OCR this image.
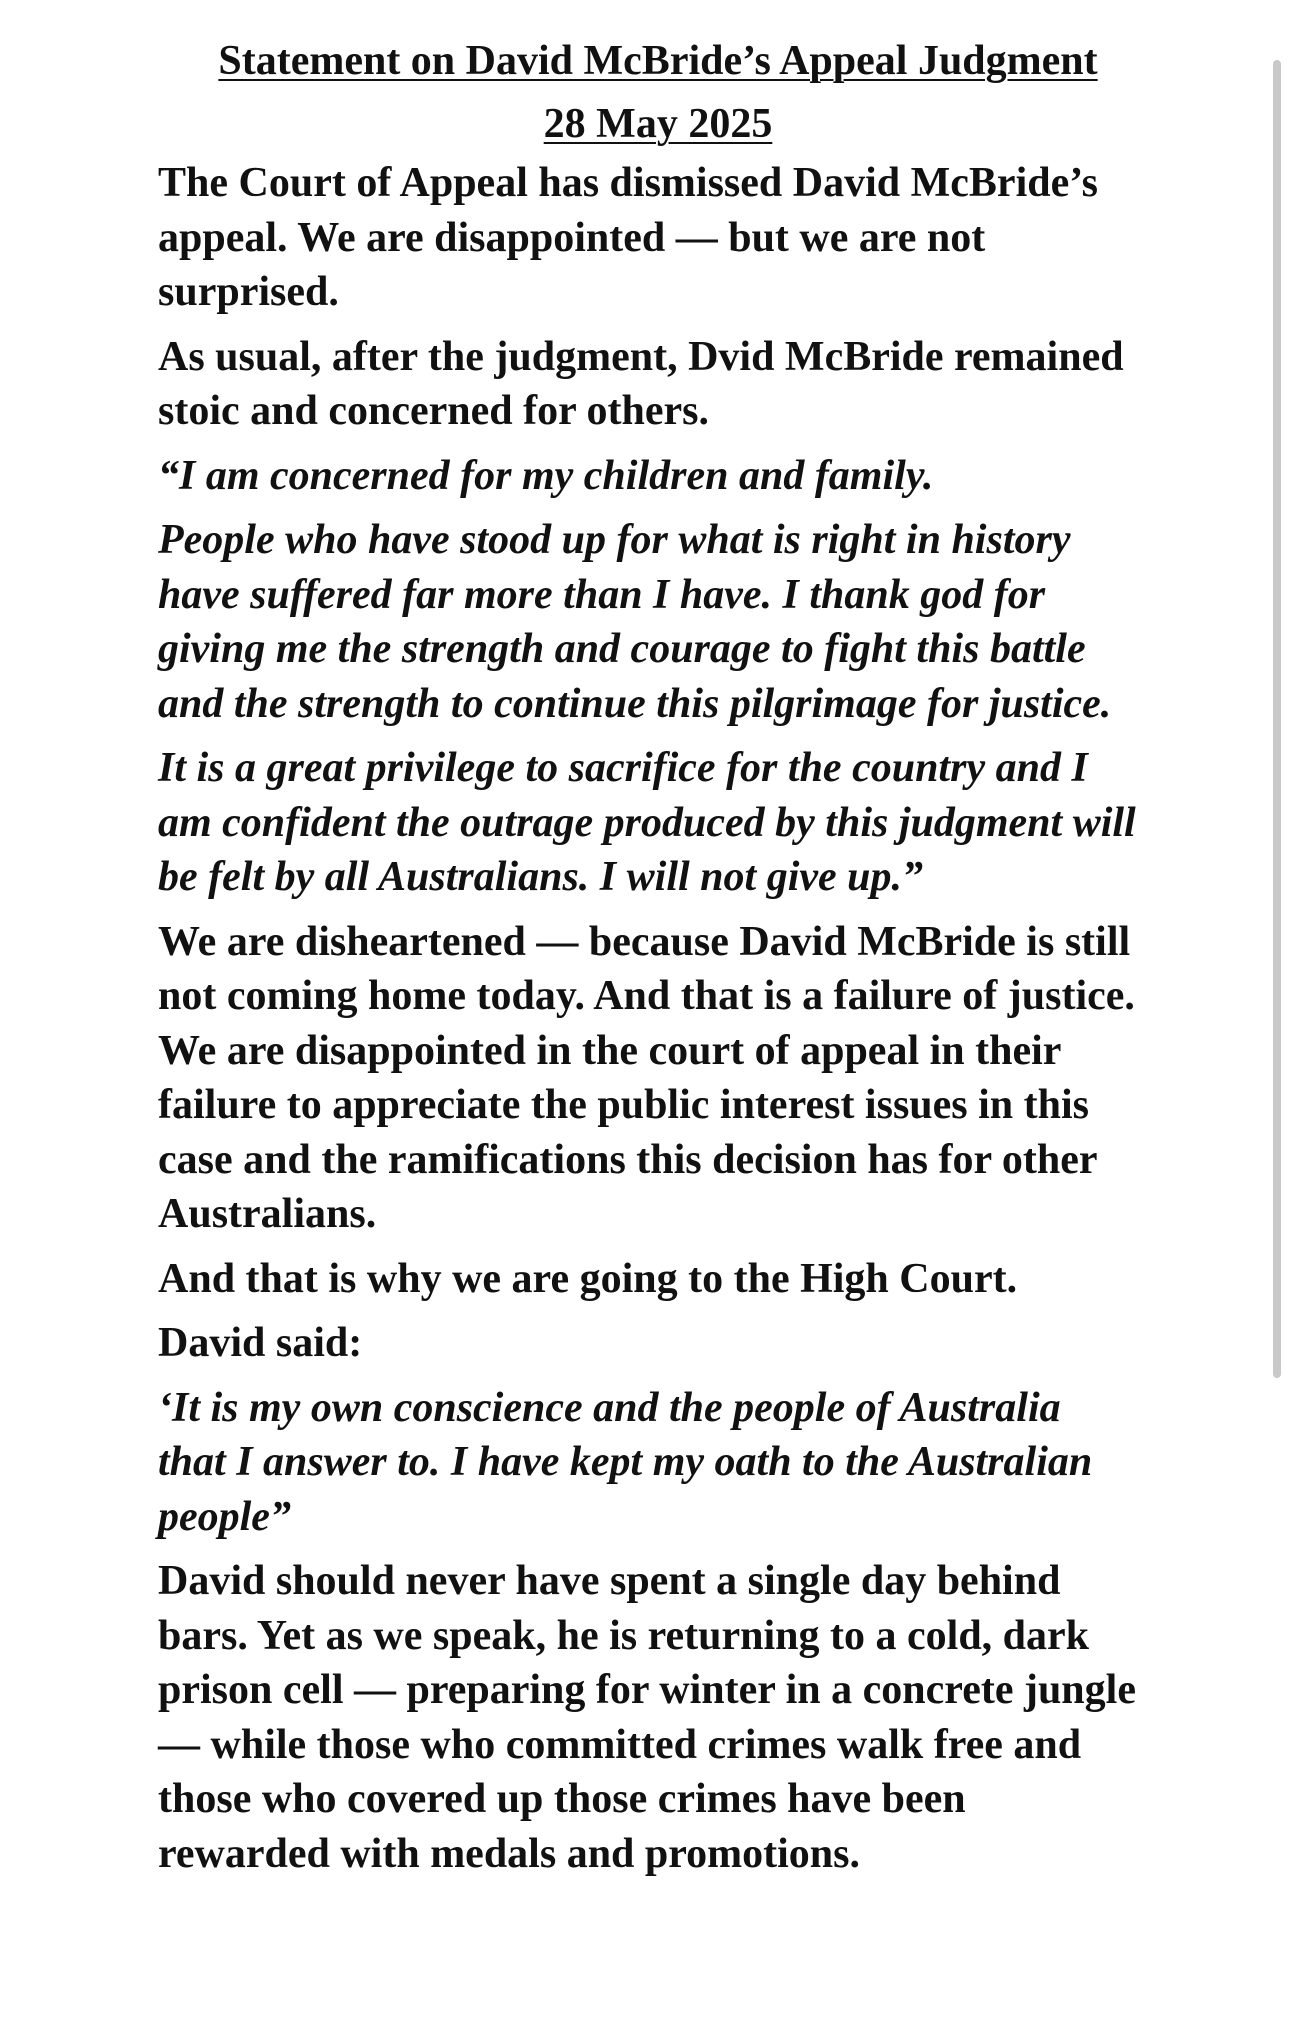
Statement on David McBride’s Appeal Judgment
28 May 2025

The Court of Appeal has dismissed David McBride’s appeal. We are disappointed — but we are not surprised.

As usual, after the judgment, Dvid McBride remained stoic and concerned for others.

“I am concerned for my children and family.

People who have stood up for what is right in history have suffered far more than I have. I thank god for giving me the strength and courage to fight this battle and the strength to continue this pilgrimage for justice.

It is a great privilege to sacrifice for the country and I am confident the outrage produced by this judgment will be felt by all Australians. I will not give up.”

We are disheartened — because David McBride is still not coming home today. And that is a failure of justice. We are disappointed in the court of appeal in their failure to appreciate the public interest issues in this case and the ramifications this decision has for other Australians.

And that is why we are going to the High Court.

David said:

‘It is my own conscience and the people of Australia that I answer to. I have kept my oath to the Australian people”

David should never have spent a single day behind bars. Yet as we speak, he is returning to a cold, dark prison cell — preparing for winter in a concrete jungle — while those who committed crimes walk free and those who covered up those crimes have been rewarded with medals and promotions.
